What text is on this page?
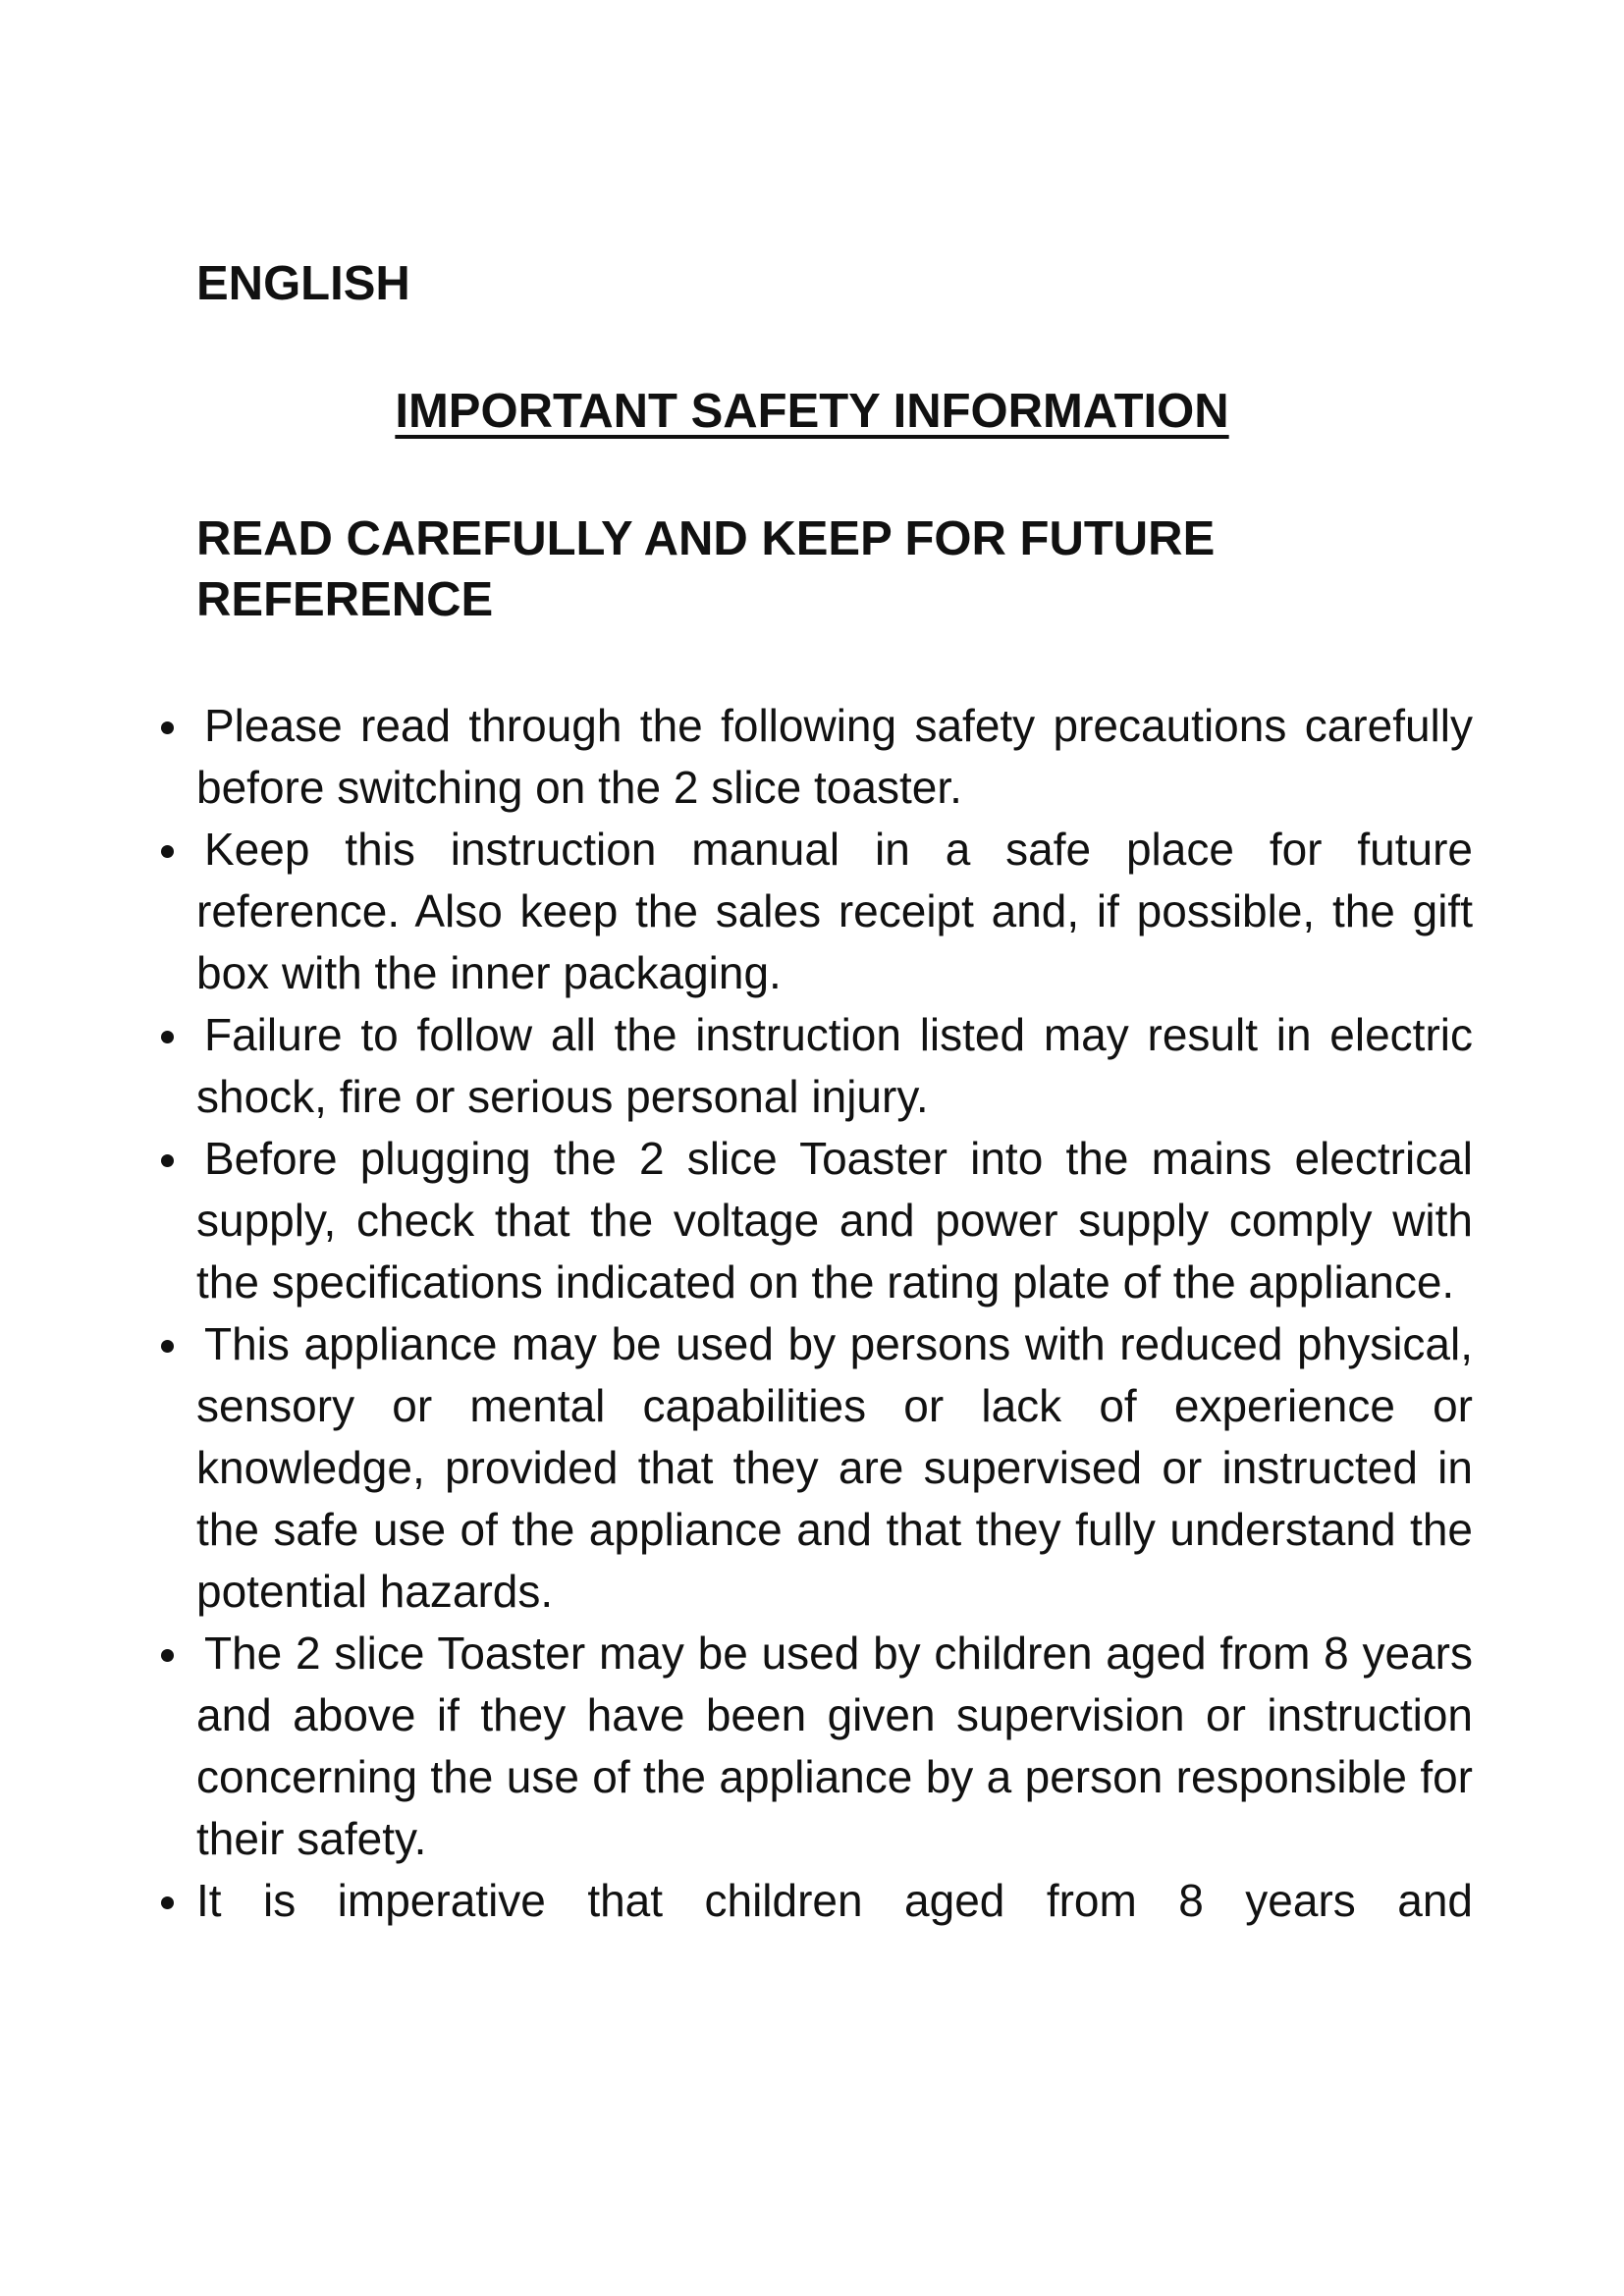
ENGLISH
IMPORTANT SAFETY INFORMATION
READ CAREFULLY AND KEEP FOR FUTURE REFERENCE
Please read through the following safety precautions carefully before switching on the 2 slice toaster.
Keep this instruction manual in a safe place for future reference. Also keep the sales receipt and, if possible, the gift box with the inner packaging.
Failure to follow all the instruction listed may result in electric shock, fire or serious personal injury.
Before plugging the 2 slice Toaster into the mains electrical supply, check that the voltage and power supply comply with the specifications indicated on the rating plate of the appliance.
This appliance may be used by persons with reduced physical, sensory or mental capabilities or lack of experience or knowledge, provided that they are supervised or instructed in the safe use of the appliance and that they fully understand the potential hazards.
The 2 slice Toaster may be used by children aged from 8 years and above if they have been given supervision or instruction concerning the use of the appliance by a person responsible for their safety.
It is imperative that children aged from 8 years and
